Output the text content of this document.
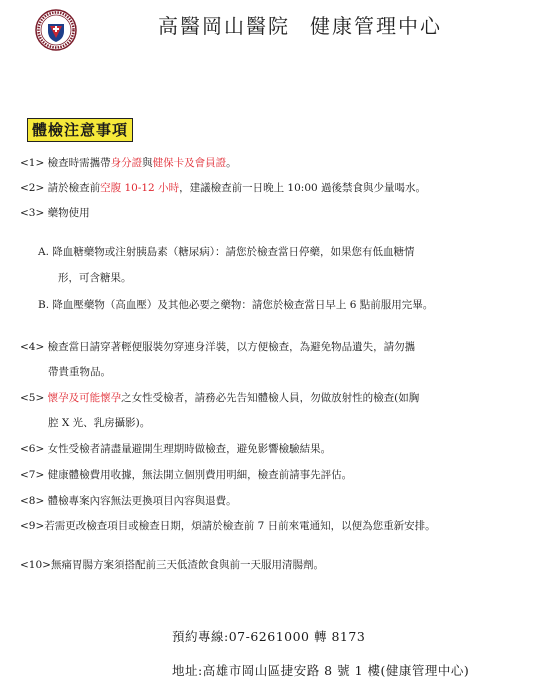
高醫岡山醫院 健康管理中心
體檢注意事項
<1> 檢查時需攜帶身分證與健保卡及會員證。
<2> 請於檢查前空腹 10-12 小時，建議檢查前一日晚上 10:00 過後禁食與少量喝水。
<3> 藥物使用
A. 降血糖藥物或注射胰島素（糖尿病）：請您於檢查當日停藥，如果您有低血糖情
形，可含糖果。
B. 降血壓藥物（高血壓）及其他必要之藥物：請您於檢查當日早上 6 點前服用完畢。
<4> 檢查當日請穿著輕便服裝勿穿連身洋裝，以方便檢查，為避免物品遺失，請勿攜
帶貴重物品。
<5> 懷孕及可能懷孕之女性受檢者，請務必先告知體檢人員，勿做放射性的檢查(如胸
腔 X 光、乳房攝影)。
<6> 女性受檢者請盡量避開生理期時做檢查，避免影響檢驗結果。
<7> 健康體檢費用收據，無法開立個別費用明細，檢查前請事先評估。
<8> 體檢專案內容無法更換項目內容與退費。
<9>若需更改檢查項目或檢查日期，煩請於檢查前 7 日前來電通知，以便為您重新安排。
<10>無痛胃腸方案須搭配前三天低渣飲食與前一天服用清腸劑。
預約專線:07-6261000 轉 8173
地址:高雄市岡山區捷安路 8 號 1 樓(健康管理中心)
